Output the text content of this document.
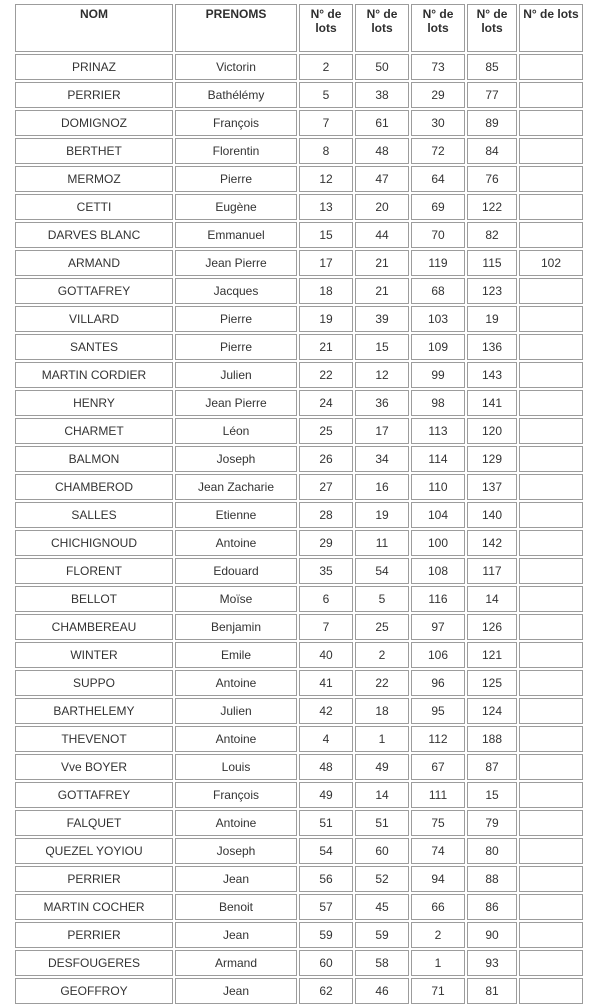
NOM	PRENOMS	N° de lots	N° de lots	N° de lots	N° de lots	N° de lots
PRINAZ	Victorin	2	50	73	85	
PERRIER	Bathélémy	5	38	29	77	
DOMIGNOZ	François	7	61	30	89	
BERTHET	Florentin	8	48	72	84	
MERMOZ	Pierre	12	47	64	76	
CETTI	Eugène	13	20	69	122	
DARVES BLANC	Emmanuel	15	44	70	82	
ARMAND	Jean Pierre	17	21	119	115	102
GOTTAFREY	Jacques	18	21	68	123	
VILLARD	Pierre	19	39	103	19	
SANTES	Pierre	21	15	109	136	
MARTIN CORDIER	Julien	22	12	99	143	
HENRY	Jean Pierre	24	36	98	141	
CHARMET	Léon	25	17	113	120	
BALMON	Joseph	26	34	114	129	
CHAMBEROD	Jean Zacharie	27	16	110	137	
SALLES	Etienne	28	19	104	140	
CHICHIGNOUD	Antoine	29	11	100	142	
FLORENT	Edouard	35	54	108	117	
BELLOT	Moïse	6	5	116	14	
CHAMBEREAU	Benjamin	7	25	97	126	
WINTER	Emile	40	2	106	121	
SUPPO	Antoine	41	22	96	125	
BARTHELEMY	Julien	42	18	95	124	
THEVENOT	Antoine	4	1	112	188	
Vve BOYER	Louis	48	49	67	87	
GOTTAFREY	François	49	14	111	15	
FALQUET	Antoine	51	51	75	79	
QUEZEL YOYIOU	Joseph	54	60	74	80	
PERRIER	Jean	56	52	94	88	
MARTIN COCHER	Benoit	57	45	66	86	
PERRIER	Jean	59	59	2	90	
DESFOUGERES	Armand	60	58	1	93	
GEOFFROY	Jean	62	46	71	81	
